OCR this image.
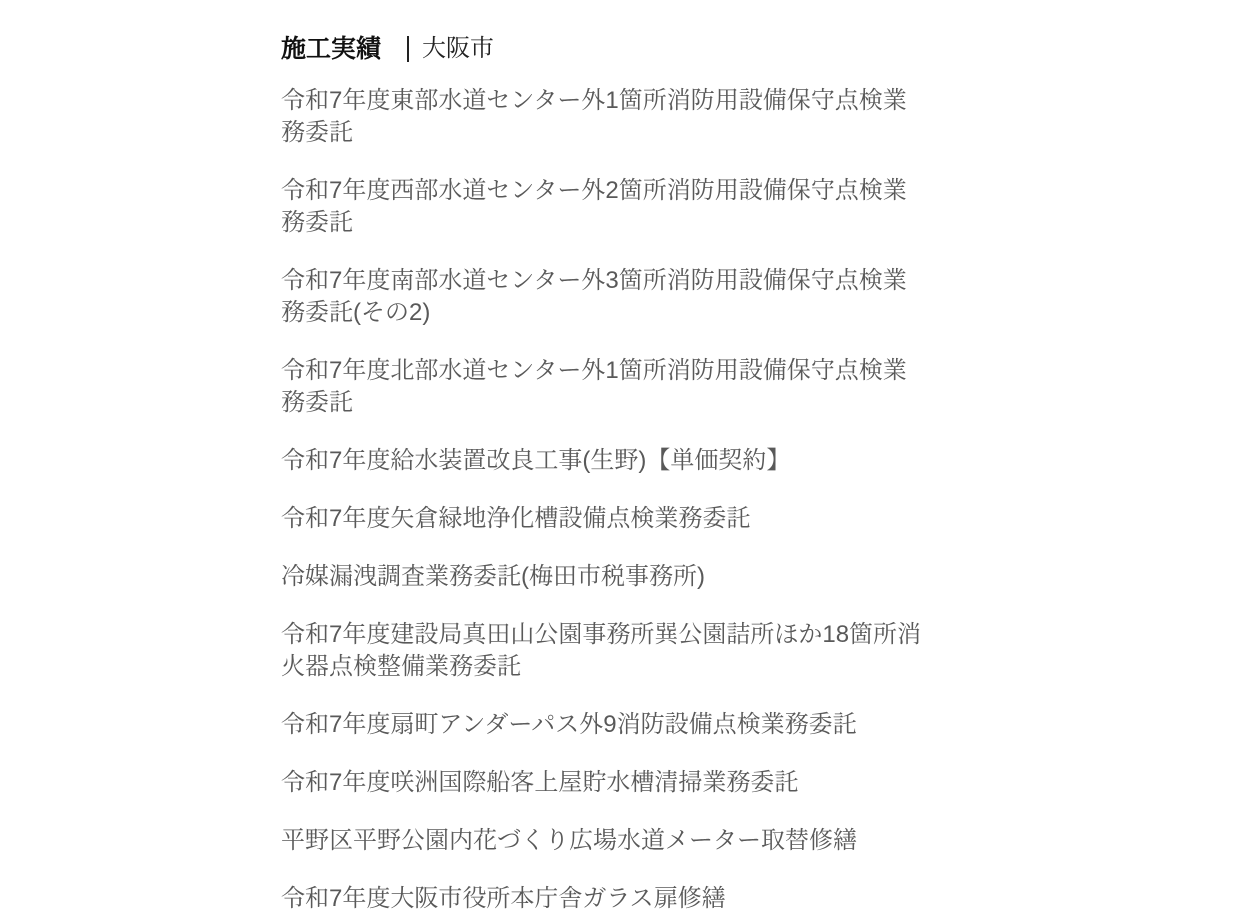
施工実績 大阪市
令和7年度東部水道センター外1箇所消防用設備保守点検業務委託
令和7年度西部水道センター外2箇所消防用設備保守点検業務委託
令和7年度南部水道センター外3箇所消防用設備保守点検業務委託(その2)
令和7年度北部水道センター外1箇所消防用設備保守点検業務委託
令和7年度給水装置改良工事(生野)【単価契約】
令和7年度矢倉緑地浄化槽設備点検業務委託
冷媒漏洩調査業務委託(梅田市税事務所)
令和7年度建設局真田山公園事務所巽公園詰所ほか18箇所消火器点検整備業務委託
令和7年度扇町アンダーパス外9消防設備点検業務委託
令和7年度咲洲国際船客上屋貯水槽清掃業務委託
平野区平野公園内花づくり広場水道メーター取替修繕
令和7年度大阪市役所本庁舎ガラス扉修繕
